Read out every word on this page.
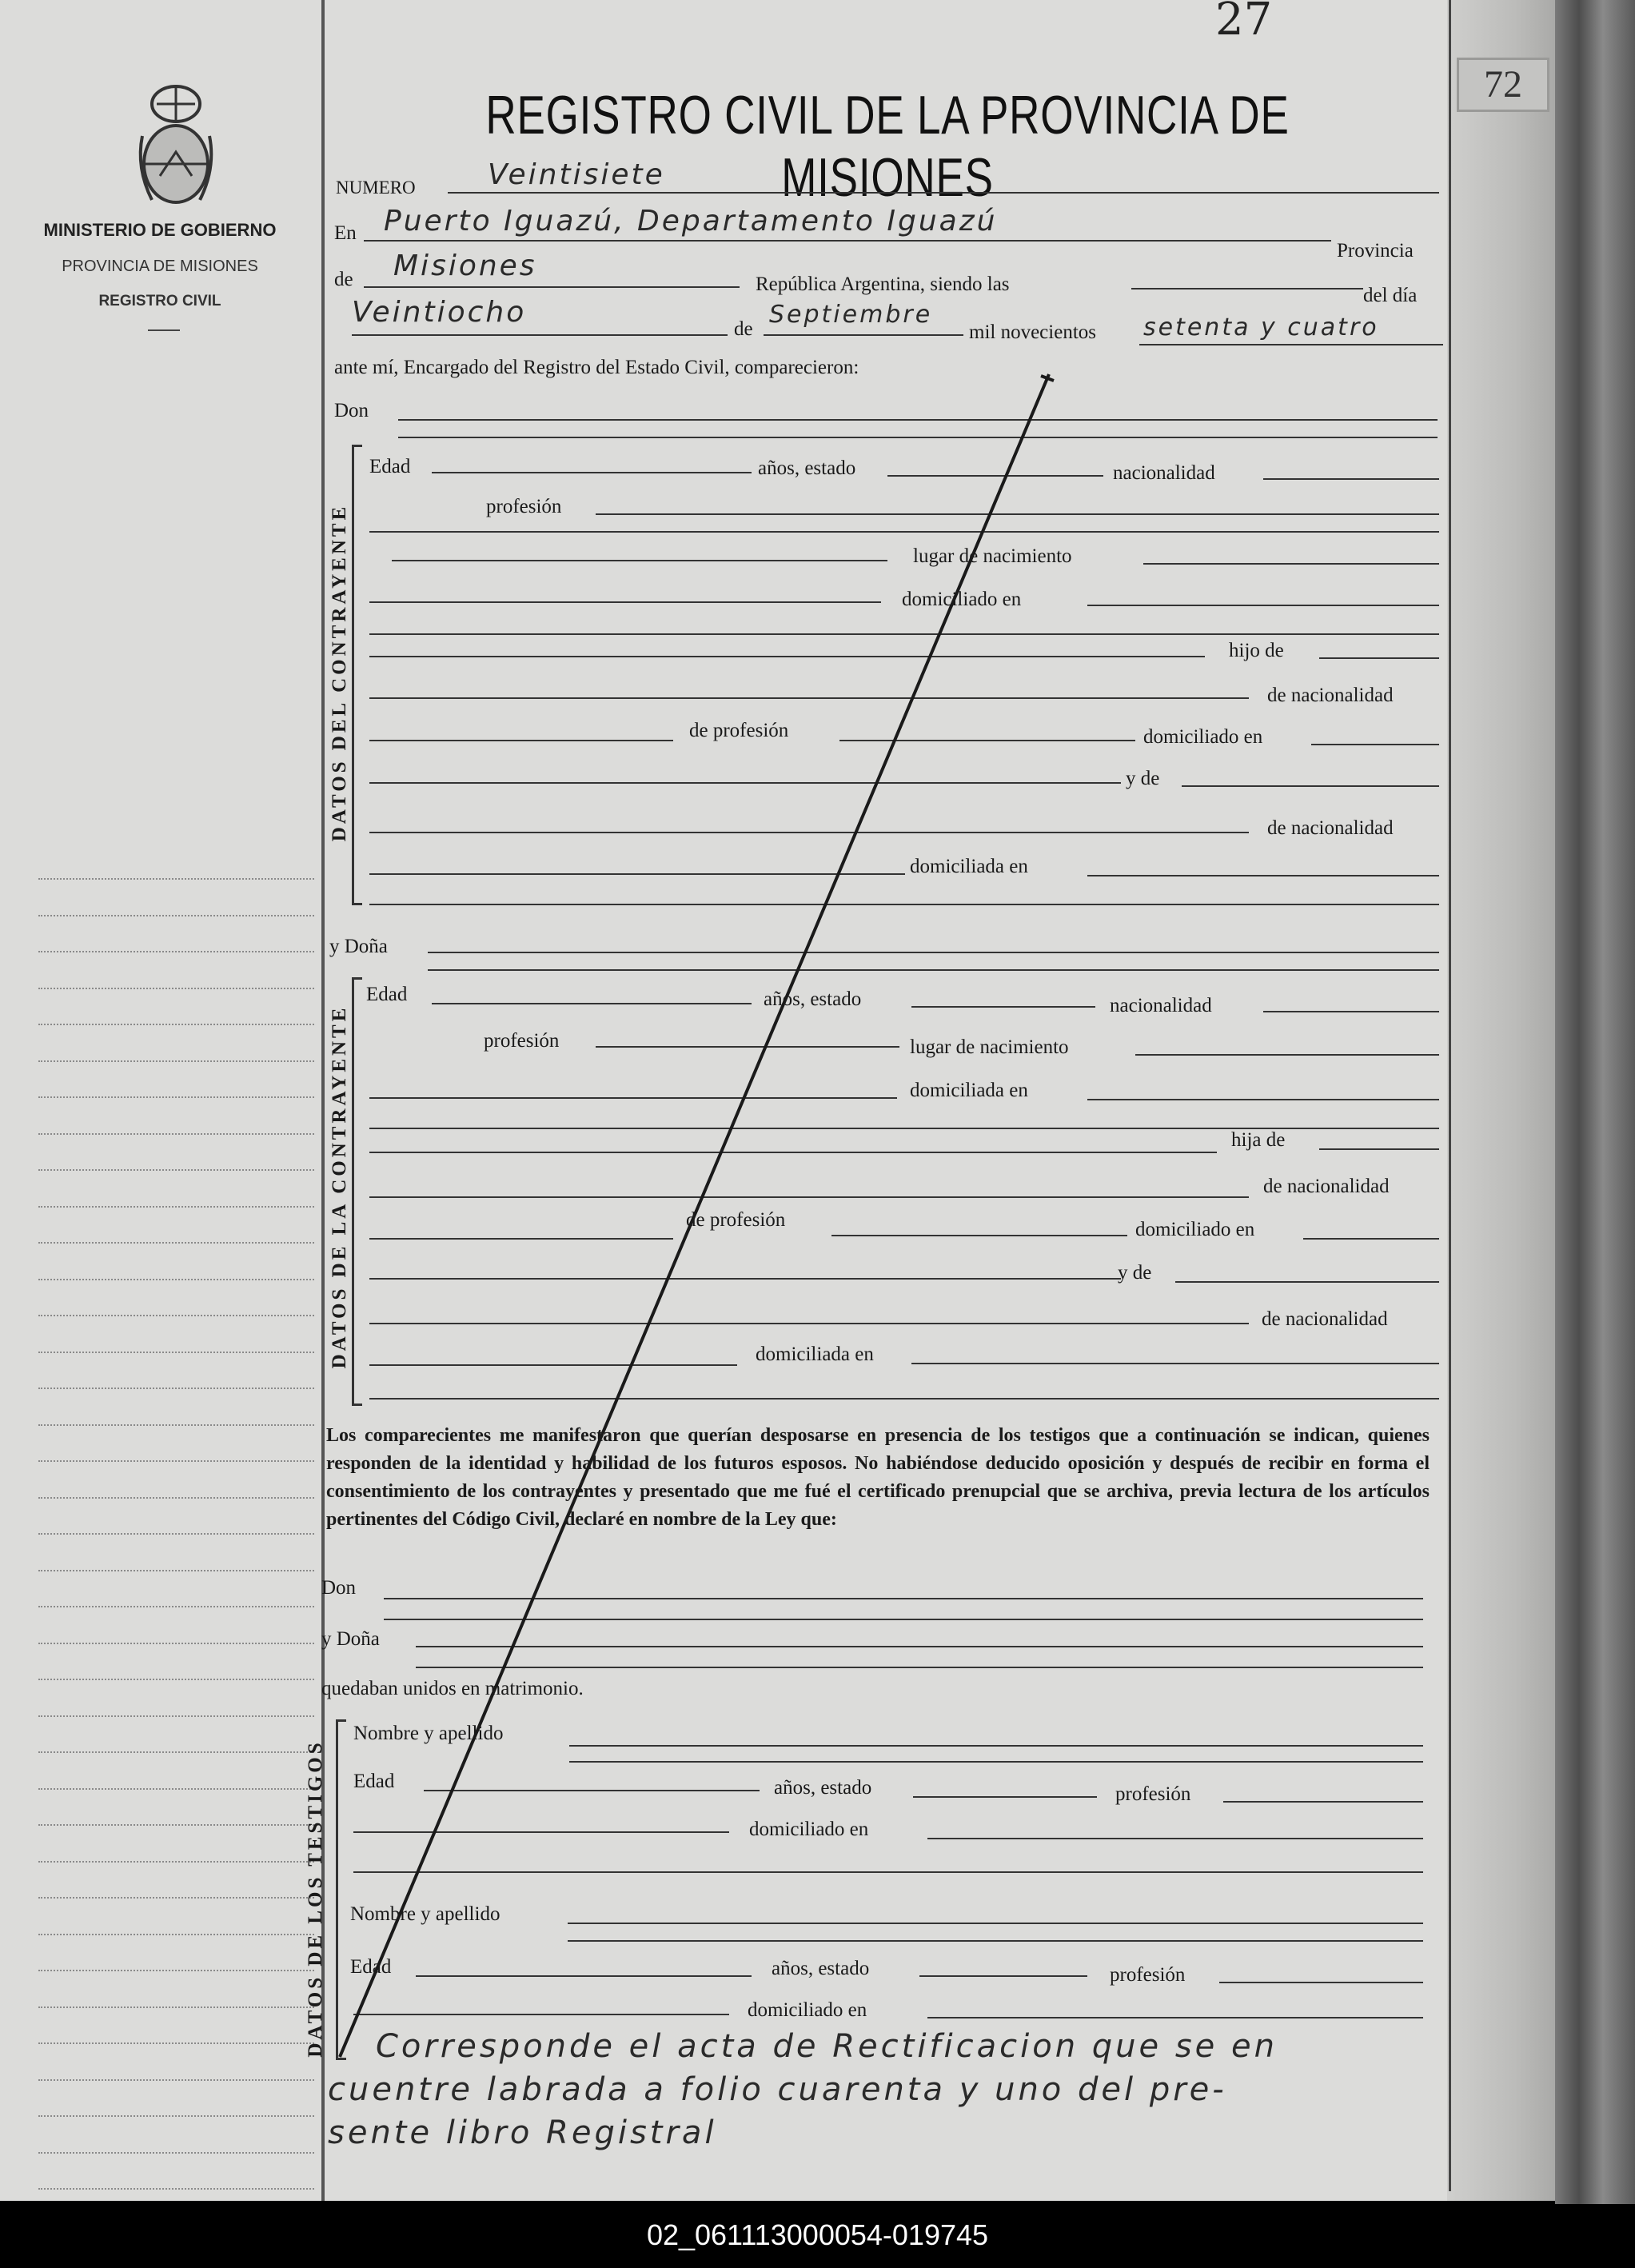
MINISTERIO DE GOBIERNO
PROVINCIA DE MISIONES
REGISTRO CIVIL
27
72
REGISTRO CIVIL DE LA PROVINCIA DE MISIONES
NUMERO	Veintisiete
En Puerto Iguazú, Departamento Iguazú
Provincia
de Misiones
República Argentina, siendo las
del día
Veintiocho
de
Septiembre
mil novecientos setenta y cuatro
ante mí, Encargado del Registro del Estado Civil, comparecieron:
Don
DATOS DEL CONTRAYENTE
Edad	años, estado	nacionalidad
profesión
lugar de nacimiento
domiciliado en
hijo de
de nacionalidad
de profesión	domiciliado en
y de
de nacionalidad
domiciliada en
y Doña
DATOS DE LA CONTRAYENTE
Edad	años, estado	nacionalidad
profesión	lugar de nacimiento
domiciliada en
hija de
de nacionalidad
de profesión	domiciliado en
y de
de nacionalidad
domiciliada en
Los comparecientes me manifestaron que querían desposarse en presencia de los testigos que a continuación se indican, quienes responden de la identidad y habilidad de los futuros esposos. No habiéndose deducido oposición y después de recibir en forma el consentimiento de los contrayentes y presentado que me fué el certificado prenupcial que se archiva, previa lectura de los artículos pertinentes del Código Civil, declaré en nombre de la Ley que:
Don
y Doña
quedaban unidos en matrimonio.
DATOS DE LOS TESTIGOS
Nombre y apellido
Edad	años, estado	profesión
domiciliado en
Nombre y apellido
Edad	años, estado	profesión
domiciliado en
Corresponde el acta de Rectificacion que se en
cuentre labrada a folio cuarenta y uno del pre-
sente libro Registral
02_061113000054-019745
